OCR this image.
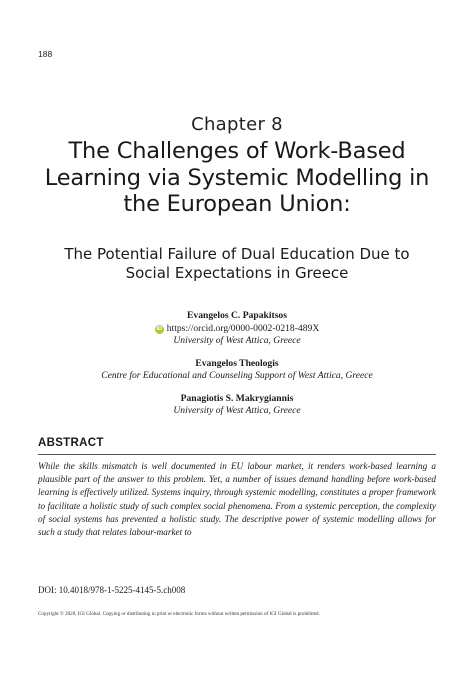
188
Chapter 8
The Challenges of Work-Based Learning via Systemic Modelling in the European Union:
The Potential Failure of Dual Education Due to Social Expectations in Greece
Evangelos C. Papakitsos
iD https://orcid.org/0000-0002-0218-489X
University of West Attica, Greece
Evangelos Theologis
Centre for Educational and Counseling Support of West Attica, Greece
Panagiotis S. Makrygiannis
University of West Attica, Greece
ABSTRACT

While the skills mismatch is well documented in EU labour market, it renders work-based learning a plausible part of the answer to this problem. Yet, a number of issues demand handling before work-based learning is effectively utilized. Systems inquiry, through systemic modelling, constitutes a proper framework to facilitate a holistic study of such complex social phenomena. From a systemic perception, the complexity of social systems has prevented a holistic study. The descriptive power of systemic modelling allows for such a study that relates labour-market to

DOI: 10.4018/978-1-5225-4145-5.ch008
Copyright © 2020, IGI Global. Copying or distributing in print or electronic forms without written permission of IGI Global is prohibited.
